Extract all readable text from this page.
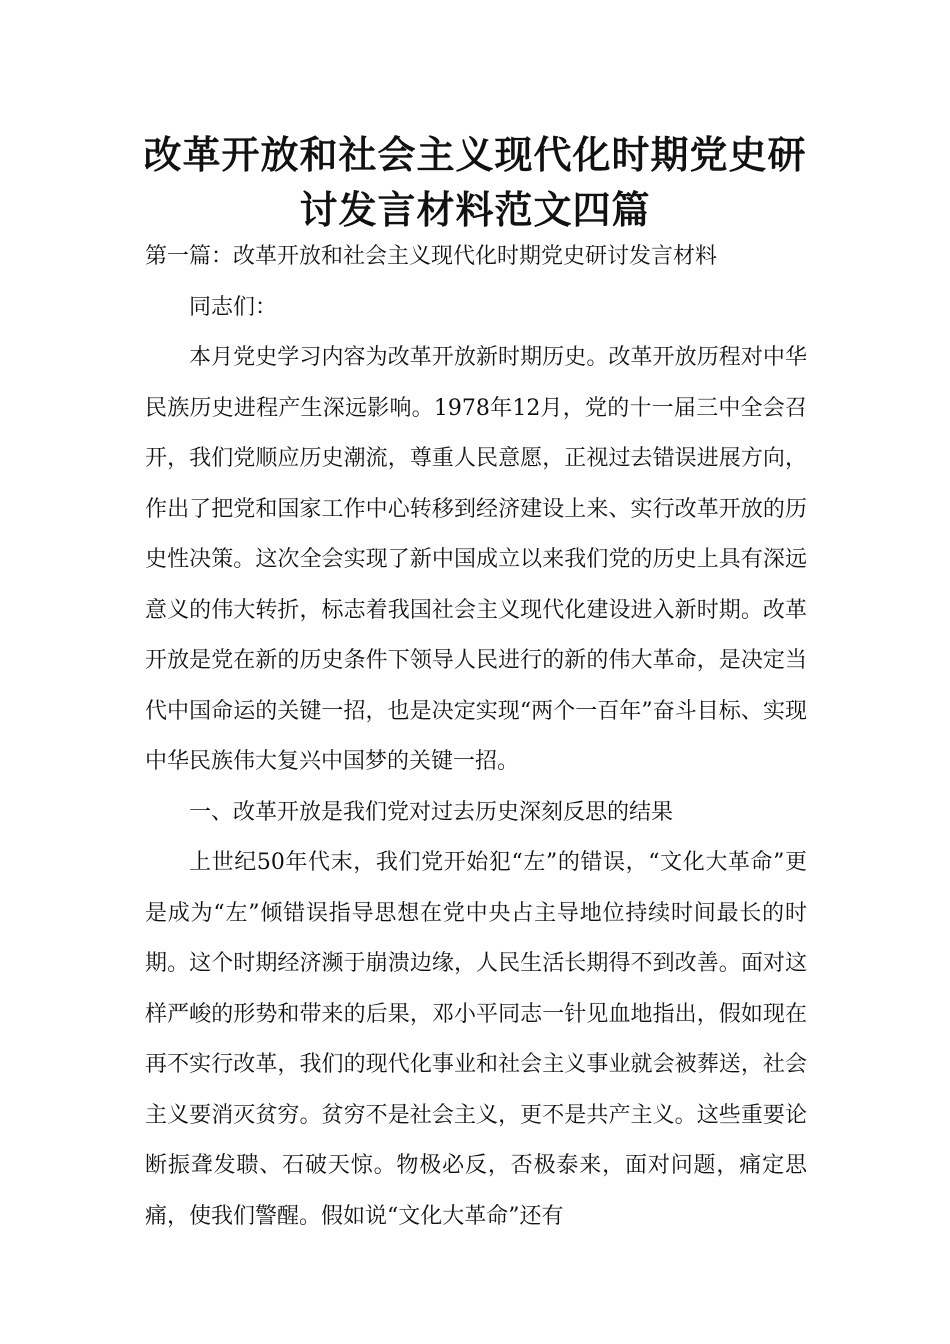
改革开放和社会主义现代化时期党史研讨发言材料范文四篇

第一篇：改革开放和社会主义现代化时期党史研讨发言材料

同志们：

本月党史学习内容为改革开放新时期历史。改革开放历程对中华民族历史进程产生深远影响。1978年12月，党的十一届三中全会召开，我们党顺应历史潮流，尊重人民意愿，正视过去错误进展方向，作出了把党和国家工作中心转移到经济建设上来、实行改革开放的历史性决策。这次全会实现了新中国成立以来我们党的历史上具有深远意义的伟大转折，标志着我国社会主义现代化建设进入新时期。改革开放是党在新的历史条件下领导人民进行的新的伟大革命，是决定当代中国命运的关键一招，也是决定实现“两个一百年”奋斗目标、实现中华民族伟大复兴中国梦的关键一招。

一、改革开放是我们党对过去历史深刻反思的结果

上世纪50年代末，我们党开始犯“左”的错误，“文化大革命”更是成为“左”倾错误指导思想在党中央占主导地位持续时间最长的时期。这个时期经济濒于崩溃边缘，人民生活长期得不到改善。面对这样严峻的形势和带来的后果，邓小平同志一针见血地指出，假如现在再不实行改革，我们的现代化事业和社会主义事业就会被葬送，社会主义要消灭贫穷。贫穷不是社会主义，更不是共产主义。这些重要论断振聋发聩、石破天惊。物极必反，否极泰来，面对问题，痛定思痛，使我们警醒。假如说“文化大革命”还有
